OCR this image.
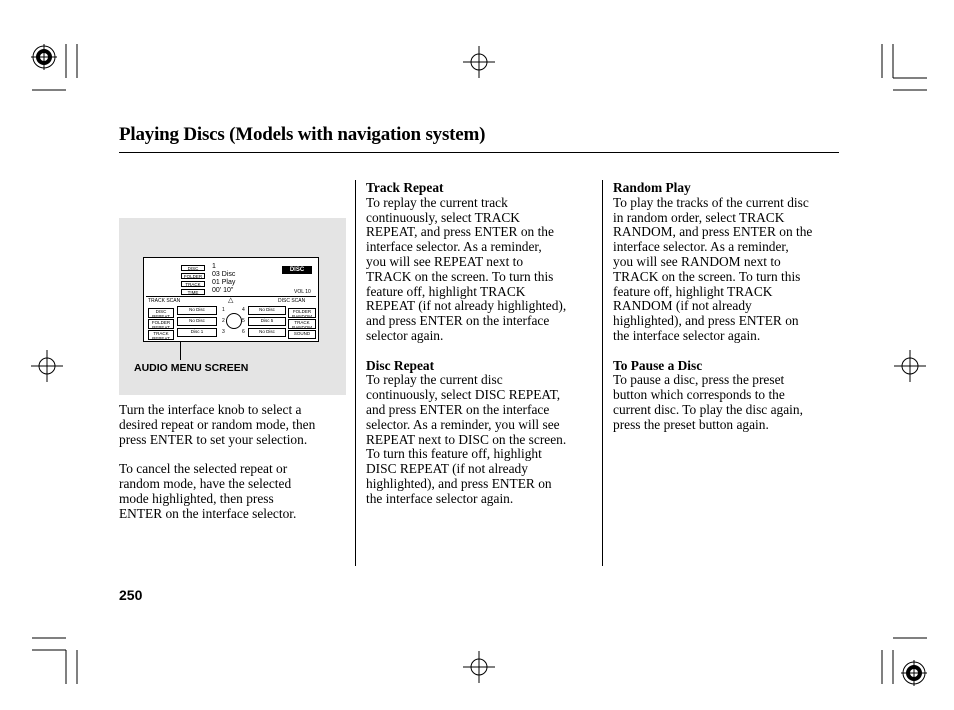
Playing Discs (Models with navigation system)
DISC	1
FOLDER	03 Disc
TRACK	01 Play
TIME	00' 10"
DISC
VOL 10
TRACK SCAN	△	DISC SCAN
DISC REPEAT
FOLDER REPEAT
TRACK REPEAT
No Disc
No Disc
Disc 1
1
2
3
4
5
6
No Disc
Disc 5
No Disc
FOLDER RANDOM
TRACK RANDOM
SOUND
AUDIO MENU SCREEN

Turn the interface knob to select a

desired repeat or random mode, then

press ENTER to set your selection.

To cancel the selected repeat or

random mode, have the selected

mode highlighted, then press

ENTER on the interface selector.

Track Repeat

To replay the current track

continuously, select TRACK

REPEAT, and press ENTER on the

interface selector. As a reminder,

you will see REPEAT next to

TRACK on the screen. To turn this

feature off, highlight TRACK

REPEAT (if not already highlighted),

and press ENTER on the interface

selector again.

Disc Repeat

To replay the current disc

continuously, select DISC REPEAT,

and press ENTER on the interface

selector. As a reminder, you will see

REPEAT next to DISC on the screen.

To turn this feature off, highlight

DISC REPEAT (if not already

highlighted), and press ENTER on

the interface selector again.

Random Play

To play the tracks of the current disc

in random order, select TRACK

RANDOM, and press ENTER on the

interface selector. As a reminder,

you will see RANDOM next to

TRACK on the screen. To turn this

feature off, highlight TRACK

RANDOM (if not already

highlighted), and press ENTER on

the interface selector again.

To Pause a Disc

To pause a disc, press the preset

button which corresponds to the

current disc. To play the disc again,

press the preset button again.

250
